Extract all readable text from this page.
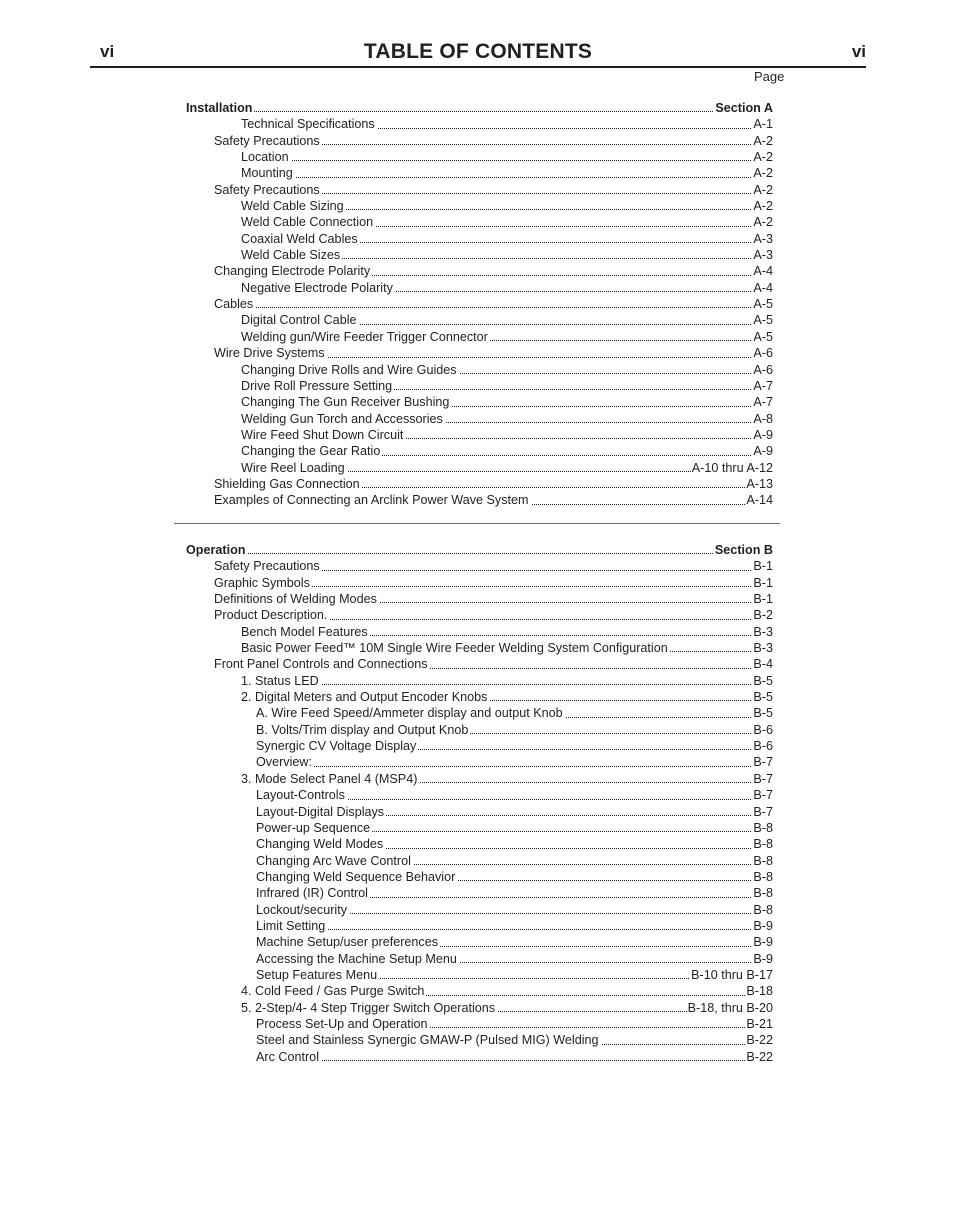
vi	TABLE OF CONTENTS	vi
Page
Installation	Section A
Technical Specifications	A-1
Safety Precautions	A-2
Location	A-2
Mounting	A-2
Safety Precautions	A-2
Weld Cable Sizing	A-2
Weld Cable Connection	A-2
Coaxial Weld Cables	A-3
Weld Cable Sizes	A-3
Changing Electrode Polarity	A-4
Negative Electrode Polarity	A-4
Cables	A-5
Digital Control Cable	A-5
Welding gun/Wire Feeder Trigger Connector	A-5
Wire Drive Systems	A-6
Changing Drive Rolls and Wire Guides	A-6
Drive Roll Pressure Setting	A-7
Changing The Gun Receiver Bushing	A-7
Welding Gun Torch and Accessories	A-8
Wire Feed Shut Down Circuit	A-9
Changing the Gear Ratio	A-9
Wire Reel Loading	A-10 thru A-12
Shielding Gas Connection	A-13
Examples of Connecting an Arclink Power Wave System	A-14
Operation	Section B
Safety Precautions	B-1
Graphic Symbols	B-1
Definitions of Welding Modes	B-1
Product Description.	B-2
Bench Model Features	B-3
Basic Power Feed™ 10M Single Wire Feeder Welding System Configuration	B-3
Front Panel Controls and Connections	B-4
1. Status LED	B-5
2. Digital Meters and Output Encoder Knobs	B-5
A. Wire Feed Speed/Ammeter display and output Knob	B-5
B. Volts/Trim display and Output Knob	B-6
Synergic CV Voltage Display	B-6
Overview:	B-7
3. Mode Select Panel 4 (MSP4)	B-7
Layout-Controls	B-7
Layout-Digital Displays	B-7
Power-up Sequence	B-8
Changing Weld Modes	B-8
Changing Arc Wave Control	B-8
Changing Weld Sequence Behavior	B-8
Infrared (IR) Control	B-8
Lockout/security	B-8
Limit Setting	B-9
Machine Setup/user preferences	B-9
Accessing the Machine Setup Menu	B-9
Setup Features Menu	B-10 thru B-17
4. Cold Feed / Gas Purge Switch	B-18
5. 2-Step/4- 4 Step Trigger Switch Operations	B-18, thru B-20
Process Set-Up and Operation	B-21
Steel and Stainless Synergic GMAW-P (Pulsed MIG) Welding	B-22
Arc Control	B-22
